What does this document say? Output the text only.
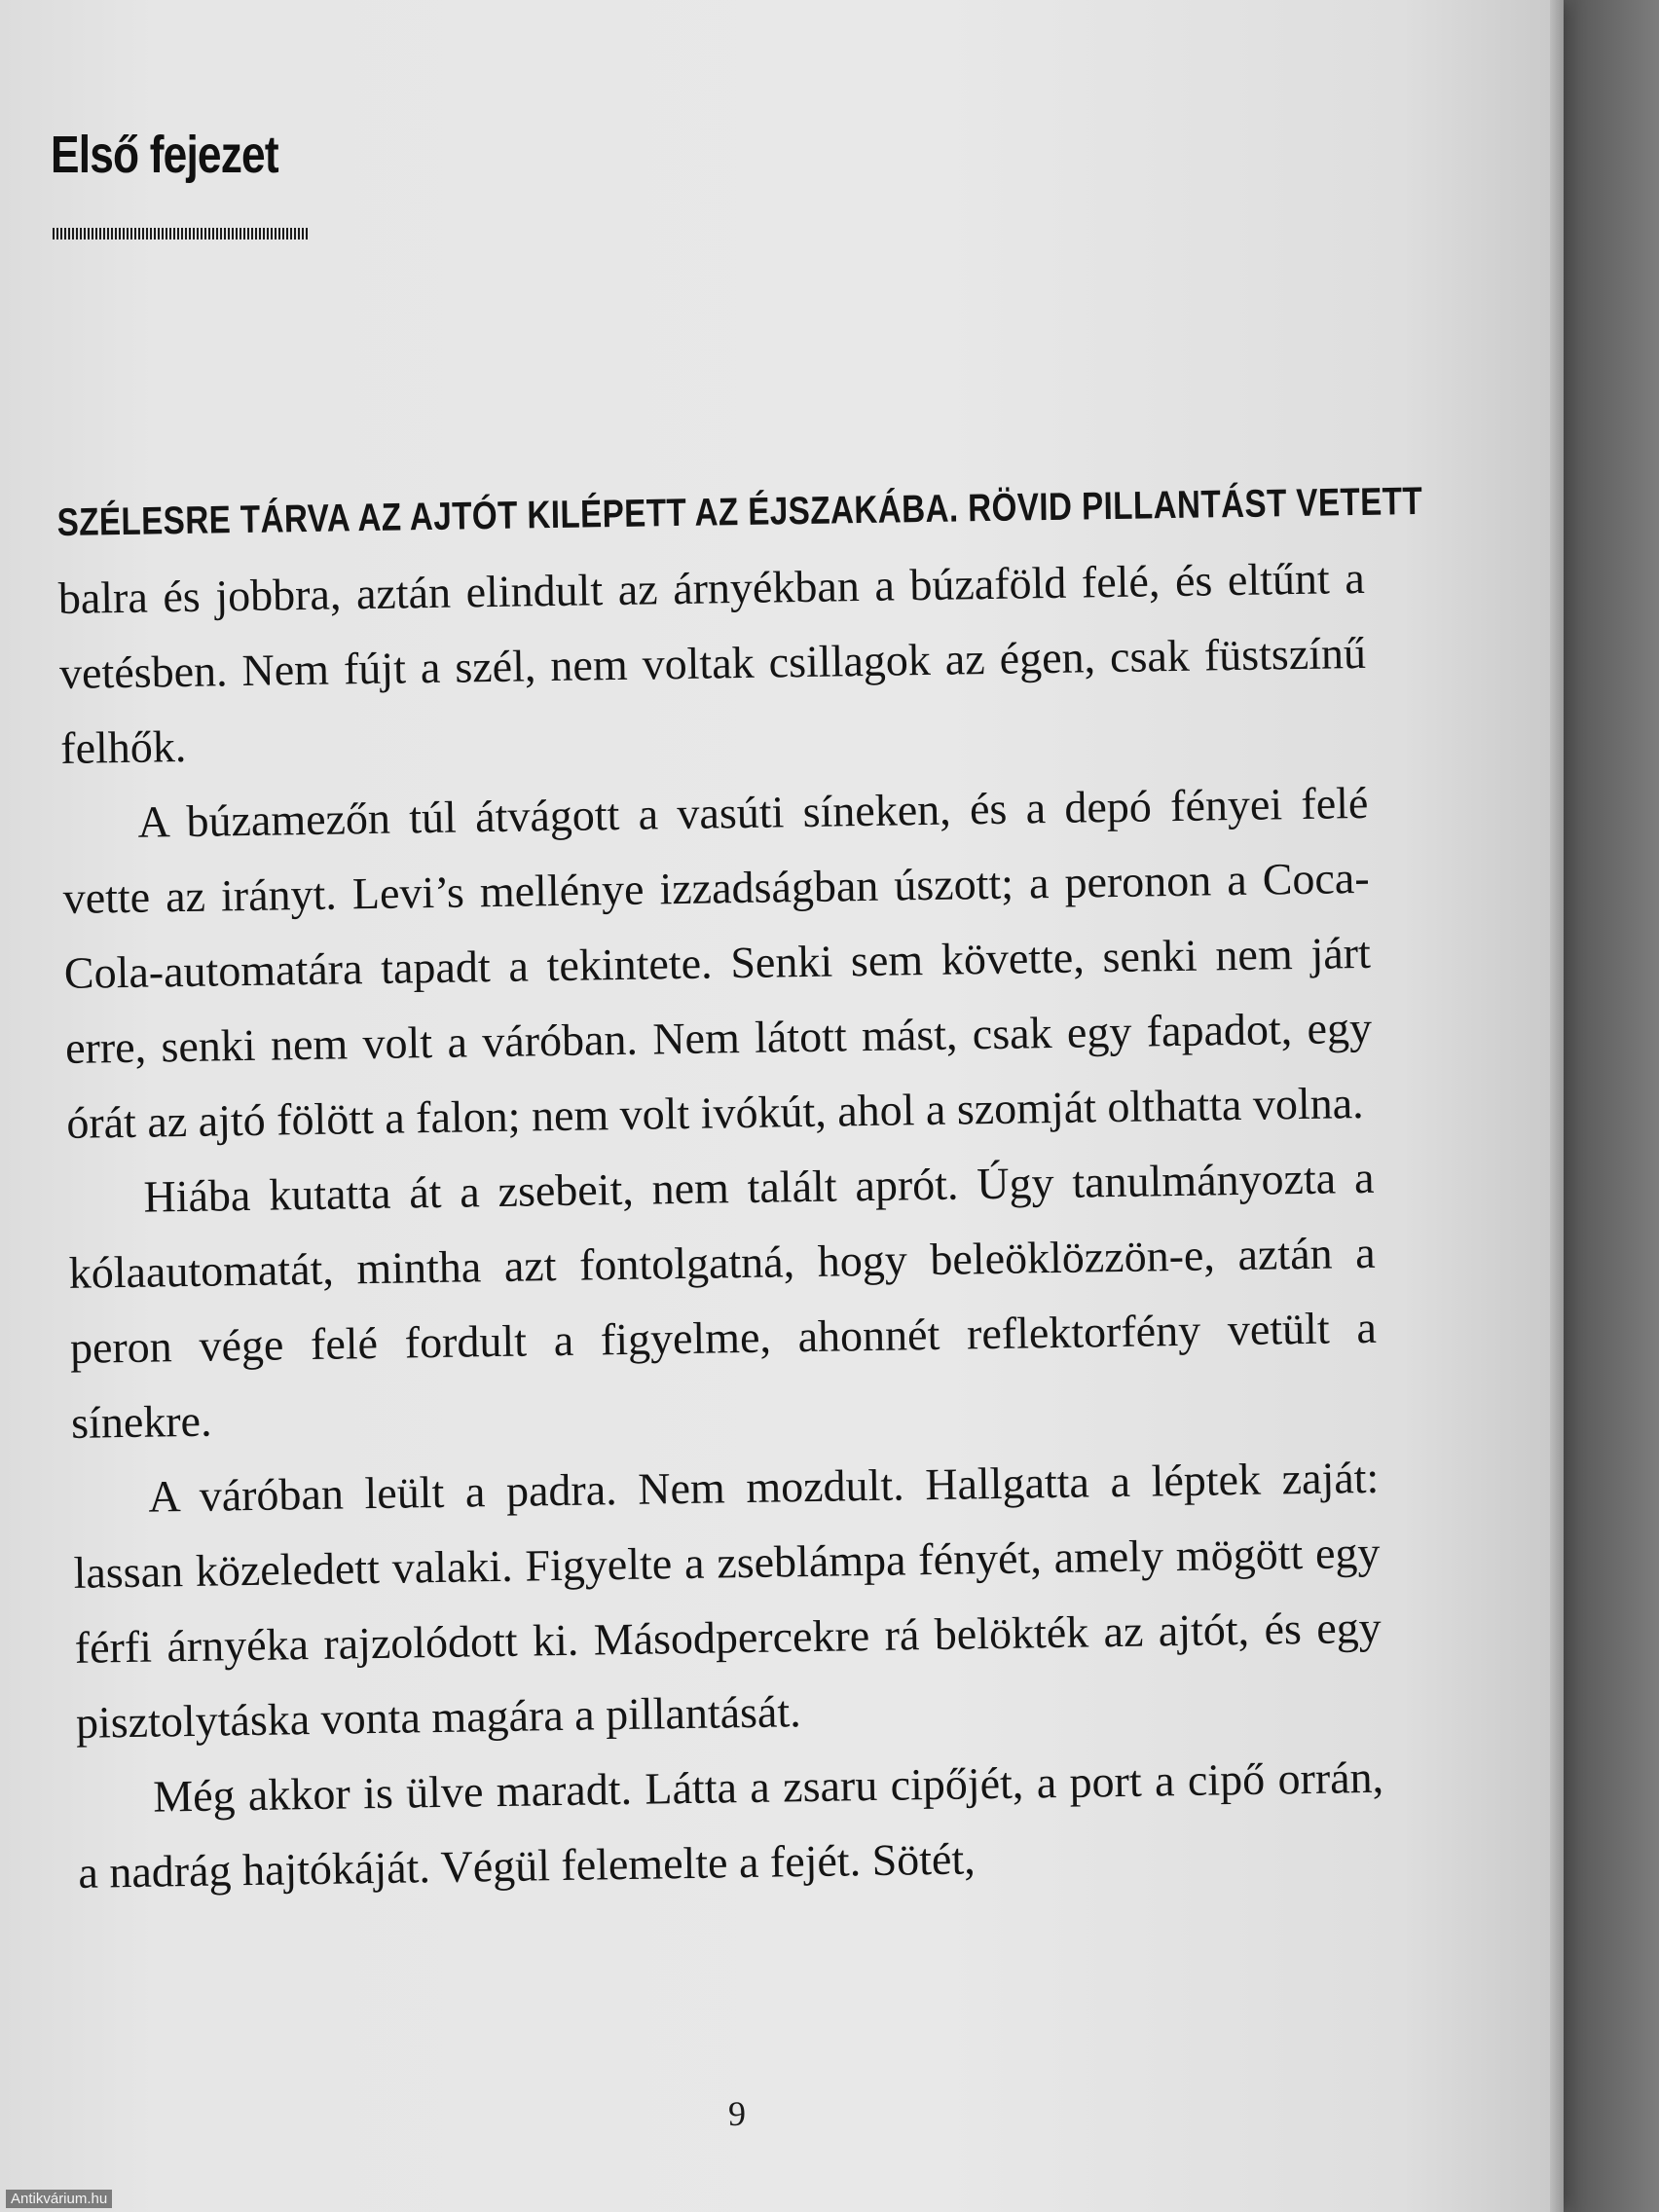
Első fejezet

SZÉLESRE TÁRVA AZ AJTÓT KILÉPETT AZ ÉJSZAKÁBA. RÖVID PILLANTÁST VETETT
balra és jobbra, aztán elindult az árnyékban a búzaföld felé, és eltűnt a vetésben. Nem fújt a szél, nem voltak csillagok az égen, csak füstszínű felhők.

A búzamezőn túl átvágott a vasúti síneken, és a depó fényei felé vette az irányt. Levi’s mellénye izzadságban úszott; a peronon a Coca-Cola-automatára tapadt a tekintete. Senki sem követte, senki nem járt erre, senki nem volt a váróban. Nem látott mást, csak egy fapadot, egy órát az ajtó fölött a falon; nem volt ivókút, ahol a szomját olthatta volna.

Hiába kutatta át a zsebeit, nem talált aprót. Úgy tanulmányozta a kólaautomatát, mintha azt fontolgatná, hogy beleöklözzön-e, aztán a peron vége felé fordult a figyelme, ahonnét reflektorfény vetült a sínekre.

A váróban leült a padra. Nem mozdult. Hallgatta a léptek zaját: lassan közeledett valaki. Figyelte a zseblámpa fényét, amely mögött egy férfi árnyéka rajzolódott ki. Másodpercekre rá belökték az ajtót, és egy pisztolytáska vonta magára a pillantását.

Még akkor is ülve maradt. Látta a zsaru cipőjét, a port a cipő orrán, a nadrág hajtókáját. Végül felemelte a fejét. Sötét,

9
Antikvárium.hu
